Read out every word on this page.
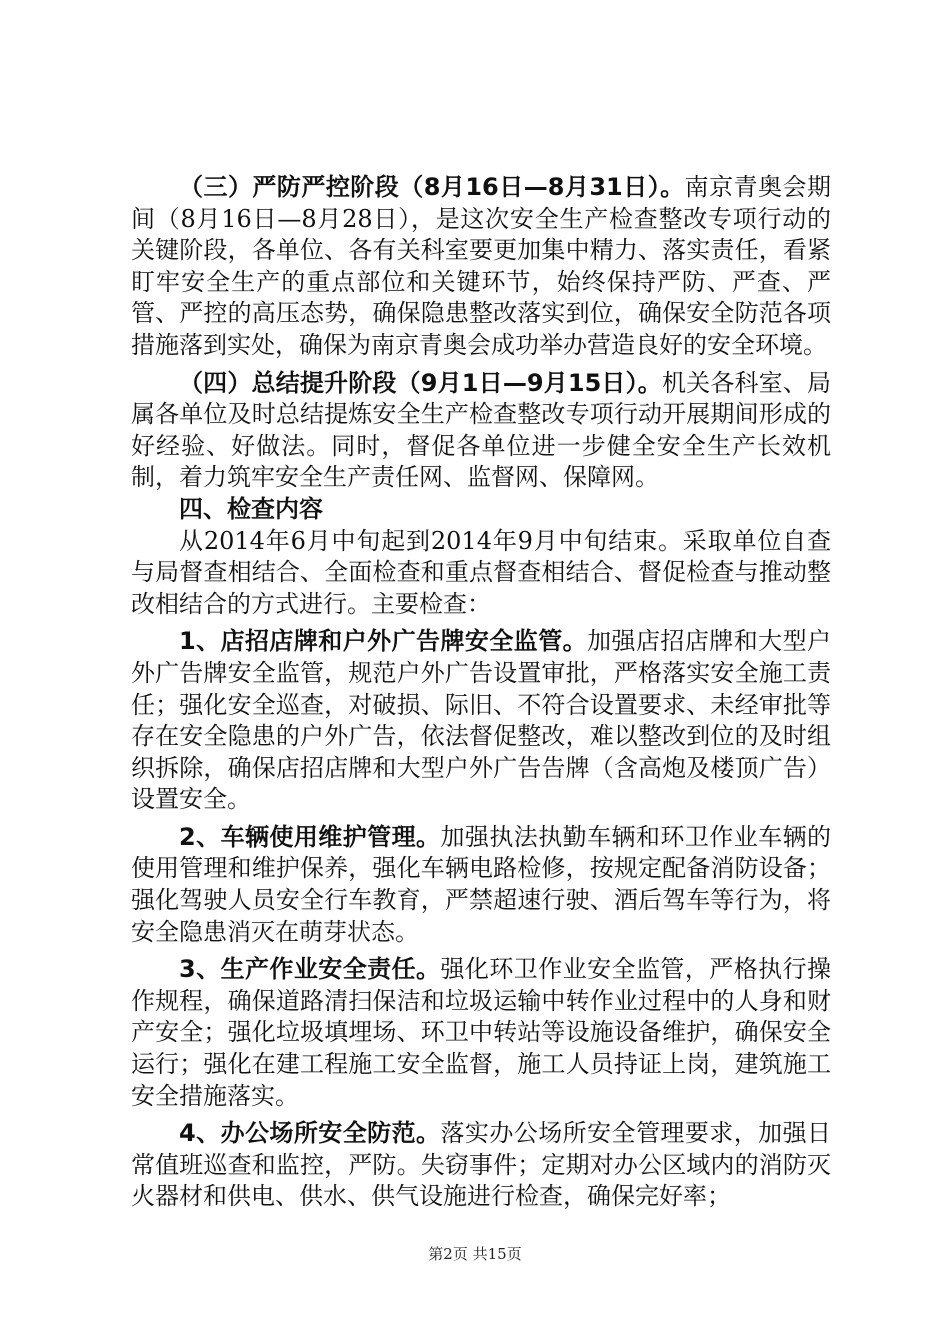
（三）严防严控阶段（8月16日—8月31日）。南京青奥会期间（8月16日—8月28日），是这次安全生产检查整改专项行动的关键阶段，各单位、各有关科室要更加集中精力、落实责任，看紧盯牢安全生产的重点部位和关键环节，始终保持严防、严查、严管、严控的高压态势，确保隐患整改落实到位，确保安全防范各项措施落到实处，确保为南京青奥会成功举办营造良好的安全环境。

（四）总结提升阶段（9月1日—9月15日）。机关各科室、局属各单位及时总结提炼安全生产检查整改专项行动开展期间形成的好经验、好做法。同时，督促各单位进一步健全安全生产长效机制，着力筑牢安全生产责任网、监督网、保障网。

四、检查内容

从2014年6月中旬起到2014年9月中旬结束。采取单位自查与局督查相结合、全面检查和重点督查相结合、督促检查与推动整改相结合的方式进行。主要检查：

1、店招店牌和户外广告牌安全监管。加强店招店牌和大型户外广告牌安全监管，规范户外广告设置审批，严格落实安全施工责任；强化安全巡查，对破损、际旧、不符合设置要求、未经审批等存在安全隐患的户外广告，依法督促整改，难以整改到位的及时组织拆除，确保店招店牌和大型户外广告告牌（含高炮及楼顶广告）设置安全。

2、车辆使用维护管理。加强执法执勤车辆和环卫作业车辆的使用管理和维护保养，强化车辆电路检修，按规定配备消防设备；强化驾驶人员安全行车教育，严禁超速行驶、酒后驾车等行为，将安全隐患消灭在萌芽状态。

3、生产作业安全责任。强化环卫作业安全监管，严格执行操作规程，确保道路清扫保洁和垃圾运输中转作业过程中的人身和财产安全；强化垃圾填埋场、环卫中转站等设施设备维护，确保安全运行；强化在建工程施工安全监督，施工人员持证上岗，建筑施工安全措施落实。

4、办公场所安全防范。落实办公场所安全管理要求，加强日常值班巡查和监控，严防。失窃事件；定期对办公区域内的消防灭火器材和供电、供水、供气设施进行检查，确保完好率；

第2页 共15页
